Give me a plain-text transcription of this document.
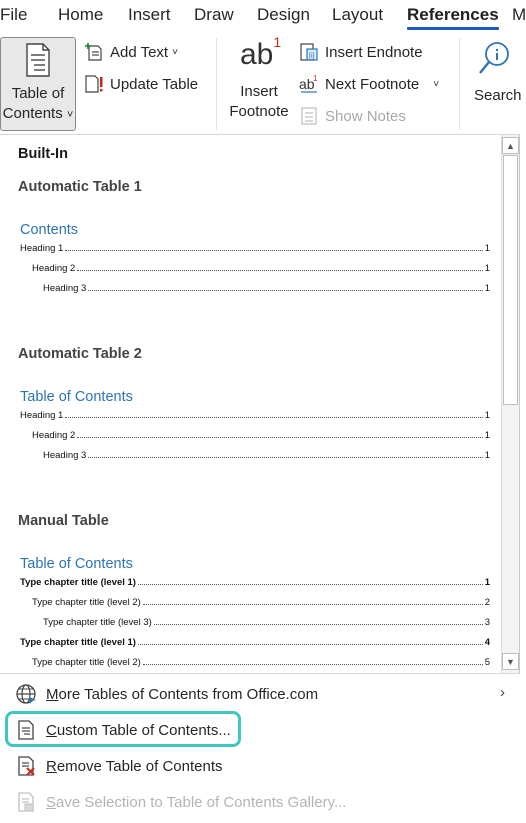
File Home Insert Draw Design Layout References M
Table of
Contents ˅
Add Text ˅
Update Table
$ab^1$
Insert
Footnote
[i] Insert Endnote
ab
1 Next Footnote ˅
Show Notes
Search
Built-In
Automatic Table 1
Contents
Heading 1	1
Heading 2	1
Heading 3	1
Automatic Table 2
Table of Contents
Heading 1	1
Heading 2	1
Heading 3	1
Manual Table
Table of Contents
Type chapter title (level 1)	1
Type chapter title (level 2)	2
Type chapter title (level 3)	3
Type chapter title (level 1)	4
Type chapter title (level 2)	5
▲
▼
More Tables of Contents from Office.com	›
Custom Table of Contents...
Remove Table of Contents
Save Selection to Table of Contents Gallery...
